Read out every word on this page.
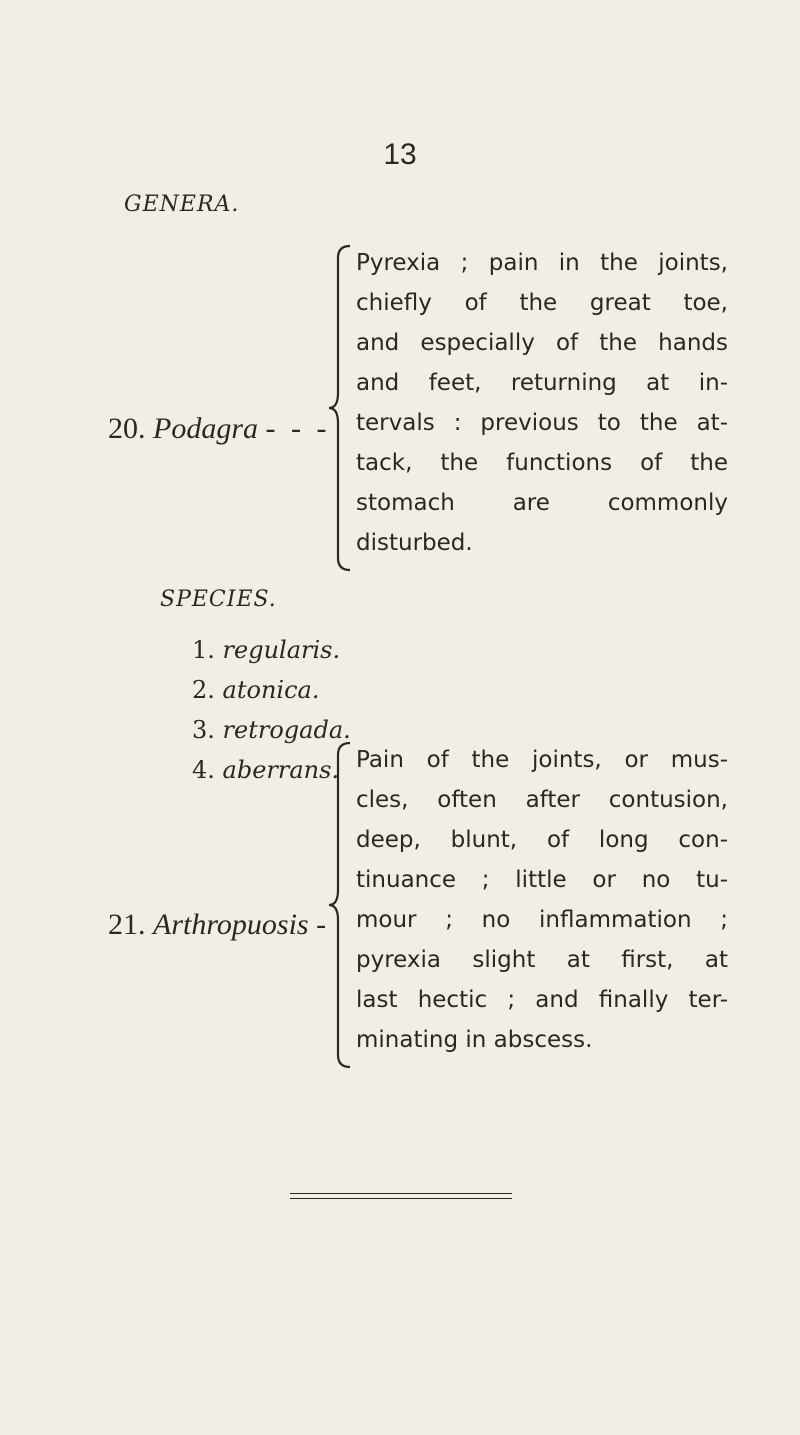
13
GENERA.
20. Podagra - - -
Pyrexia ; pain in the joints,
chiefly of the great toe,
and especially of the hands
and feet, returning at in-
tervals : previous to the at-
tack, the functions of the
stomach are commonly
disturbed.
SPECIES.
1. regularis.
2. atonica.
3. retrogada.
4. aberrans.
21. Arthropuosis -
Pain of the joints, or mus-
cles, often after contusion,
deep, blunt, of long con-
tinuance ; little or no tu-
mour ; no inflammation ;
pyrexia slight at first, at
last hectic ; and finally ter-
minating in abscess.
